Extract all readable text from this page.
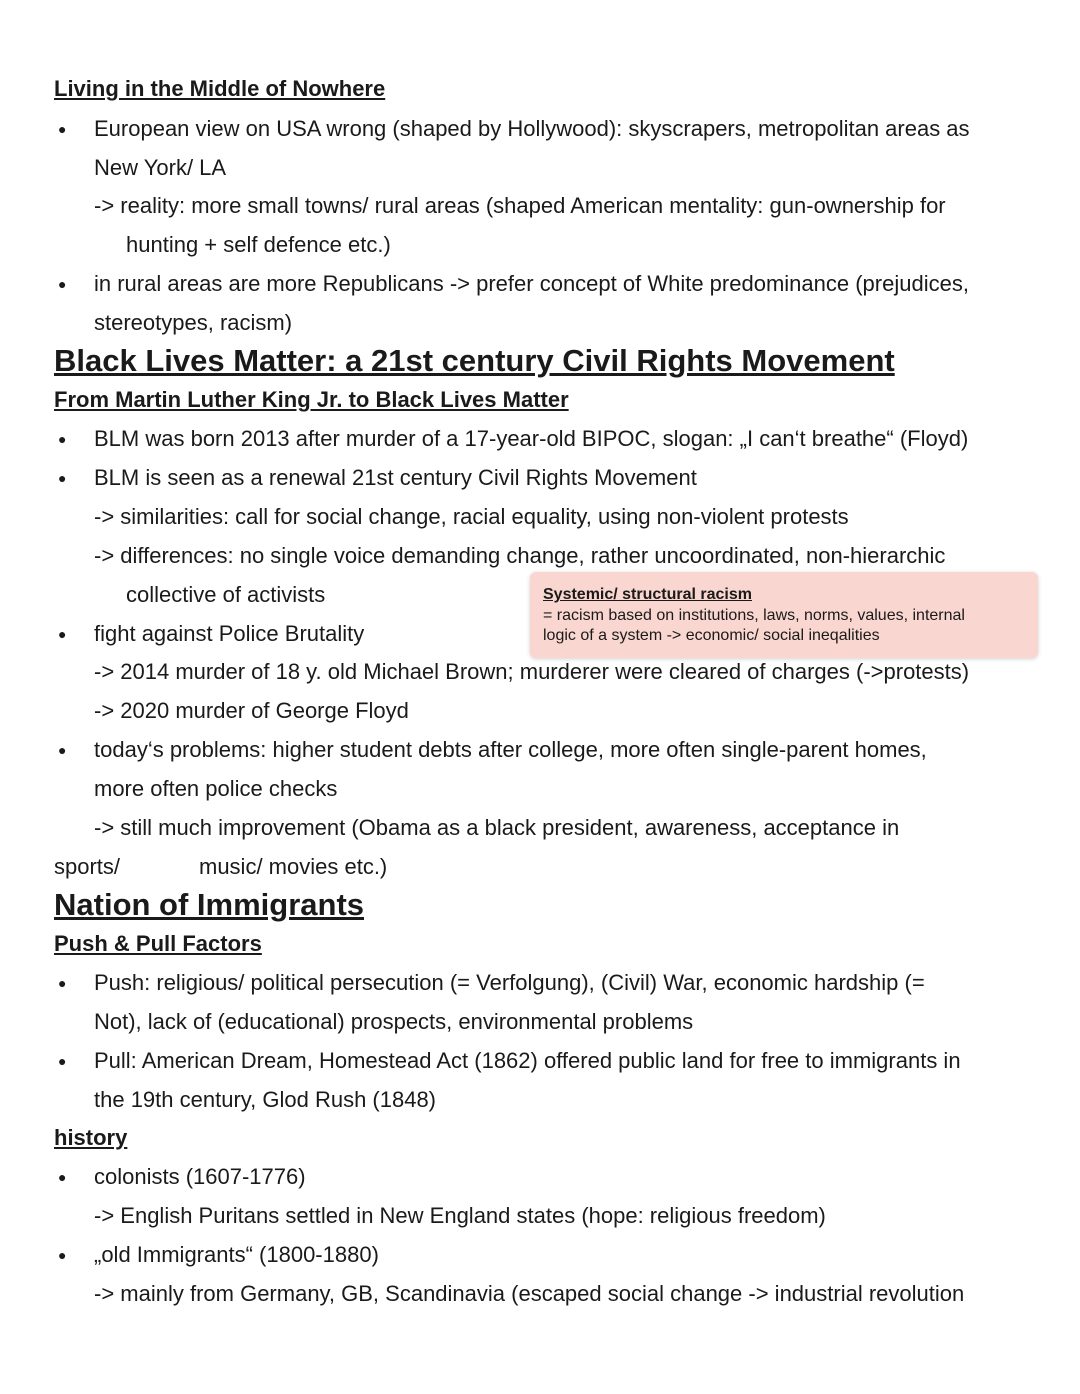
Living in the Middle of Nowhere
● European view on USA wrong (shaped by Hollywood): skyscrapers, metropolitan areas as
New York/ LA
-> reality: more small towns/ rural areas (shaped American mentality: gun-ownership for
hunting + self defence etc.)
● in rural areas are more Republicans -> prefer concept of White predominance (prejudices,
stereotypes, racism)
Black Lives Matter: a 21st century Civil Rights Movement
From Martin Luther King Jr. to Black Lives Matter
● BLM was born 2013 after murder of a 17-year-old BIPOC, slogan: „I can‘t breathe“ (Floyd)
● BLM is seen as a renewal 21st century Civil Rights Movement
-> similarities: call for social change, racial equality, using non-violent protests
-> differences: no single voice demanding change, rather uncoordinated, non-hierarchic
collective of activists
● fight against Police Brutality
Systemic/ structural racism
= racism based on institutions, laws, norms, values, internal
logic of a system -> economic/ social ineqalities
-> 2014 murder of 18 y. old Michael Brown; murderer were cleared of charges (->protests)
-> 2020 murder of George Floyd
● today‘s problems: higher student debts after college, more often single-parent homes,
more often police checks
-> still much improvement (Obama as a black president, awareness, acceptance in
sports/	music/ movies etc.)
Nation of Immigrants
Push & Pull Factors
● Push: religious/ political persecution (= Verfolgung), (Civil) War, economic hardship (=
Not), lack of (educational) prospects, environmental problems
● Pull: American Dream, Homestead Act (1862) offered public land for free to immigrants in
the 19th century, Glod Rush (1848)
history
● colonists (1607-1776)
-> English Puritans settled in New England states (hope: religious freedom)
● „old Immigrants“ (1800-1880)
-> mainly from Germany, GB, Scandinavia (escaped social change -> industrial revolution
